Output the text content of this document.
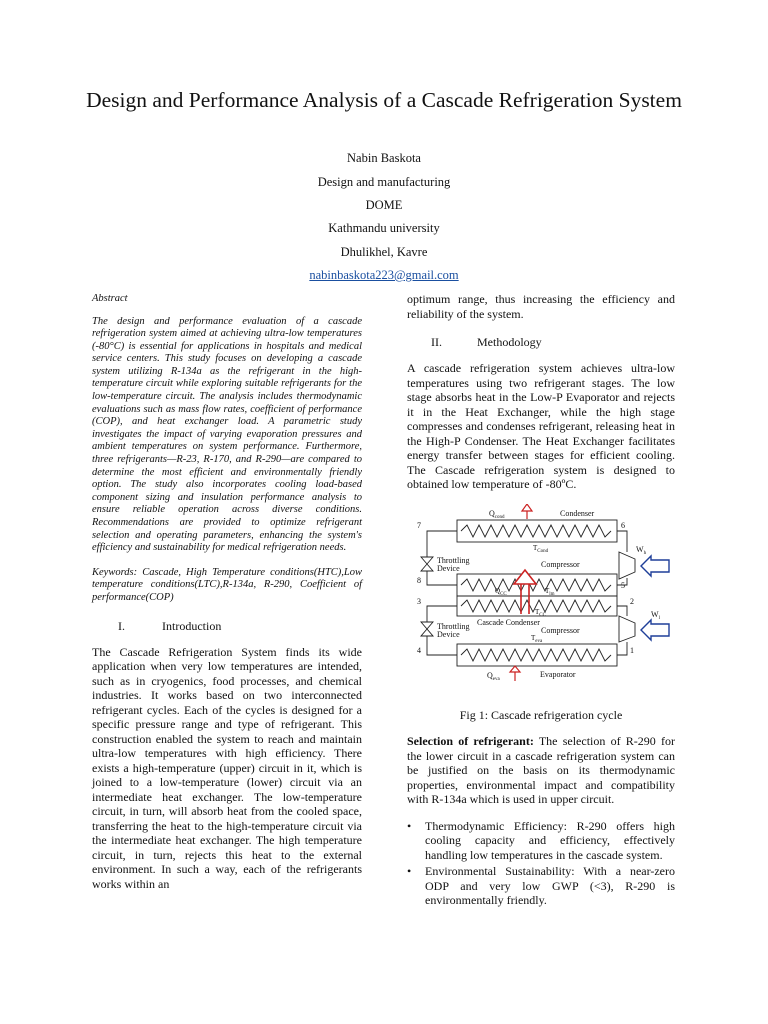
Design and Performance Analysis of a Cascade Refrigeration System
Nabin Baskota
Design and manufacturing
DOME
Kathmandu university
Dhulikhel, Kavre
nabinbaskota223@gmail.com
Abstract

The design and performance evaluation of a cascade refrigeration system aimed at achieving ultra-low temperatures (-80°C) is essential for applications in hospitals and medical service centers. This study focuses on developing a cascade system utilizing R-134a as the refrigerant in the high-temperature circuit while exploring suitable refrigerants for the low-temperature circuit. The analysis includes thermodynamic evaluations such as mass flow rates, coefficient of performance (COP), and heat exchanger load. A parametric study investigates the impact of varying evaporation pressures and ambient temperatures on system performance. Furthermore, three refrigerants—R-23, R-170, and R-290—are compared to determine the most efficient and environmentally friendly option. The study also incorporates cooling load-based component sizing and insulation performance analysis to ensure reliable operation across diverse conditions. Recommendations are provided to optimize refrigerant selection and operating parameters, enhancing the system's efficiency and sustainability for medical refrigeration needs.

Keywords: Cascade, High Temperature conditions(HTC),Low temperature conditions(LTC),R-134a, R-290, Coefficient of performance(COP)

I.	Introduction

The Cascade Refrigeration System finds its wide application when very low temperatures are intended, such as in cryogenics, food processes, and chemical industries. It works based on two interconnected refrigerant cycles. Each of the cycles is designed for a specific pressure range and type of refrigerant. This construction enabled the system to reach and maintain ultra-low temperatures with high efficiency. There exists a high-temperature (upper) circuit in it, which is joined to a low-temperature (lower) circuit via an intermediate heat exchanger. The low-temperature circuit, in turn, will absorb heat from the cooled space, transferring the heat to the high-temperature circuit via the intermediate heat exchanger. The high temperature circuit, in turn, rejects this heat to the external environment. In such a way, each of the refrigerants works within an

optimum range, thus increasing the efficiency and reliability of the system.

II.	Methodology

A cascade refrigeration system achieves ultra-low temperatures using two refrigerant stages. The low stage absorbs heat in the Low-P Evaporator and rejects it in the Heat Exchanger, while the high stage compresses and condenses refrigerant, releasing heat in the High-P Condenser. The Heat Exchanger facilitates energy transfer between stages for efficient cooling. The Cascade refrigeration system is designed to obtained low temperature of -80ºC.

$Q_{cond}$	Condenser
$T_{Cond}$	$W_h$
Throttling
Device	Compressor
$Q_{CC}$	$T_{lm}$
$T_{CC}$
Cascade Condenser
$W_l$
Throttling
Device	Compressor
$T_{eva}$
$Q_{eva}$
Evaporator
7
8
3
4
6
5
2
1
Fig 1: Cascade refrigeration cycle

Selection of refrigerant: The selection of R-290 for the lower circuit in a cascade refrigeration system can be justified on the basis on its thermodynamic properties, environmental impact and compatibility with R-134a which is used in upper circuit.

• Thermodynamic Efficiency: R-290 offers high cooling capacity and efficiency, effectively handling low temperatures in the cascade system.
• Environmental Sustainability: With a near-zero ODP and very low GWP (<3), R-290 is environmentally friendly.
